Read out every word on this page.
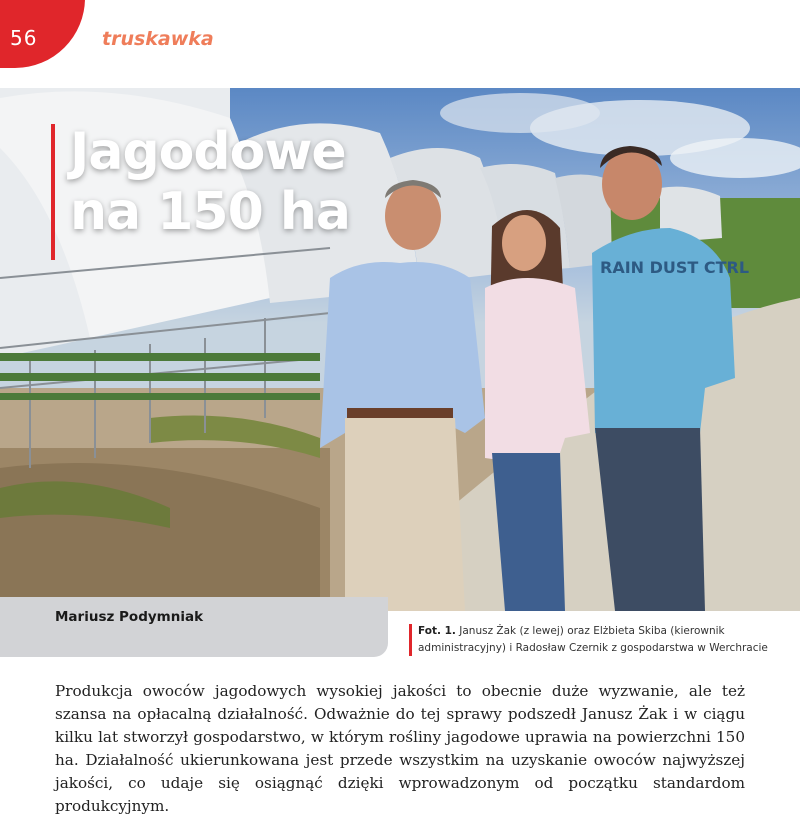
56	truskawka
RAIN DUST CTRL
Jagodowe
na 150 ha
Mariusz Podymniak
Fot. 1. Janusz Żak (z lewej) oraz Elżbieta Skiba (kierownik administracyjny) i Radosław Czernik z gospodarstwa w Werchracie
Produkcja owoców jagodowych wysokiej jakości to obecnie duże wyzwanie, ale też szansa na opłacalną działalność. Odważnie do tej sprawy podszedł Janusz Żak i w ciągu kilku lat stworzył gospodarstwo, w którym rośliny jagodowe uprawia na powierzchni 150 ha. Działalność ukierunkowana jest przede wszystkim na uzyskanie owoców najwyższej jakości, co udaje się osiągnąć dzięki wprowadzonym od początku standardom produkcyjnym.
